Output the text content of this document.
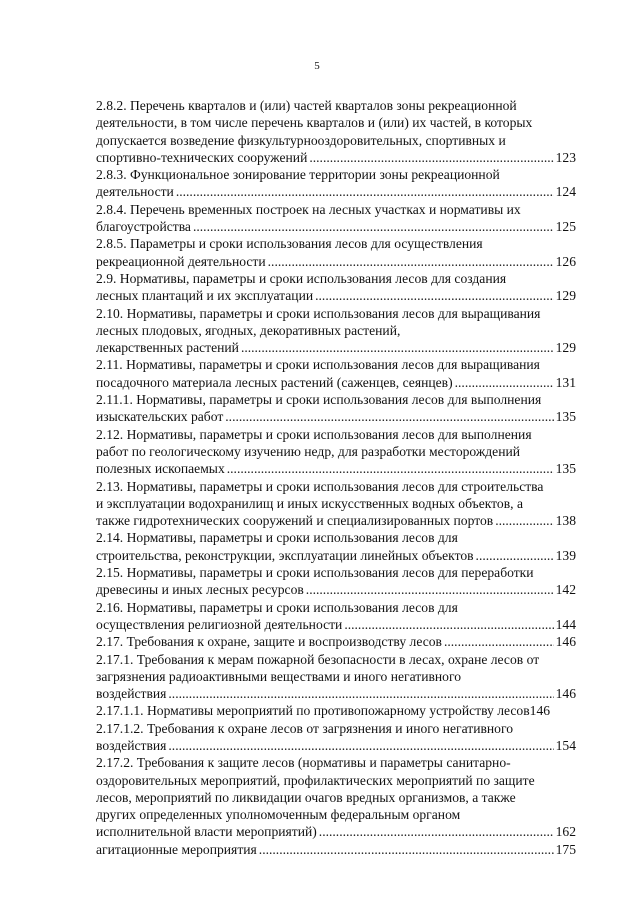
5
2.8.2. Перечень кварталов и (или) частей кварталов зоны рекреационной
деятельности, в том числе перечень кварталов и (или) их частей, в которых
допускается возведение физкультурнооздоровительных, спортивных и
спортивно-технических сооружений .....	123
2.8.3. Функциональное зонирование территории зоны рекреационной
деятельности .....	124
2.8.4. Перечень временных построек на лесных участках и нормативы их
благоустройства .....	125
2.8.5. Параметры и сроки использования лесов для осуществления
рекреационной деятельности .....	126
2.9. Нормативы, параметры и сроки использования лесов для создания
лесных плантаций и их эксплуатации .....	129
2.10. Нормативы, параметры и сроки использования лесов для выращивания
лесных плодовых, ягодных, декоративных растений,
лекарственных растений .....	129
2.11. Нормативы, параметры и сроки использования лесов для выращивания
посадочного материала лесных растений (саженцев, сеянцев) .....	131
2.11.1. Нормативы, параметры и сроки использования лесов для выполнения
изыскательских работ .....	135
2.12. Нормативы, параметры и сроки использования лесов для выполнения
работ по геологическому изучению недр, для разработки месторождений
полезных ископаемых .....	135
2.13. Нормативы, параметры и сроки использования лесов для строительства
и эксплуатации водохранилищ и иных искусственных водных объектов, а
также гидротехнических сооружений и специализированных портов .....	138
2.14. Нормативы, параметры и сроки использования лесов для
строительства, реконструкции, эксплуатации линейных объектов .....	139
2.15. Нормативы, параметры и сроки использования лесов для переработки
древесины и иных лесных ресурсов .....	142
2.16. Нормативы, параметры и сроки использования лесов для
осуществления религиозной деятельности .....	144
2.17. Требования к охране, защите и воспроизводству лесов .....	146
2.17.1. Требования к мерам пожарной безопасности в лесах, охране лесов от
загрязнения радиоактивными веществами и иного негативного
воздействия .....	146
2.17.1.1. Нормативы мероприятий по противопожарному устройству лесов 146
2.17.1.2. Требования к охране лесов от загрязнения и иного негативного
воздействия .....	154
2.17.2. Требования к защите лесов (нормативы и параметры санитарно-
оздоровительных мероприятий, профилактических мероприятий по защите
лесов, мероприятий по ликвидации очагов вредных организмов, а также
других определенных уполномоченным федеральным органом
исполнительной власти мероприятий) .....	162
агитационные мероприятия .....	175
